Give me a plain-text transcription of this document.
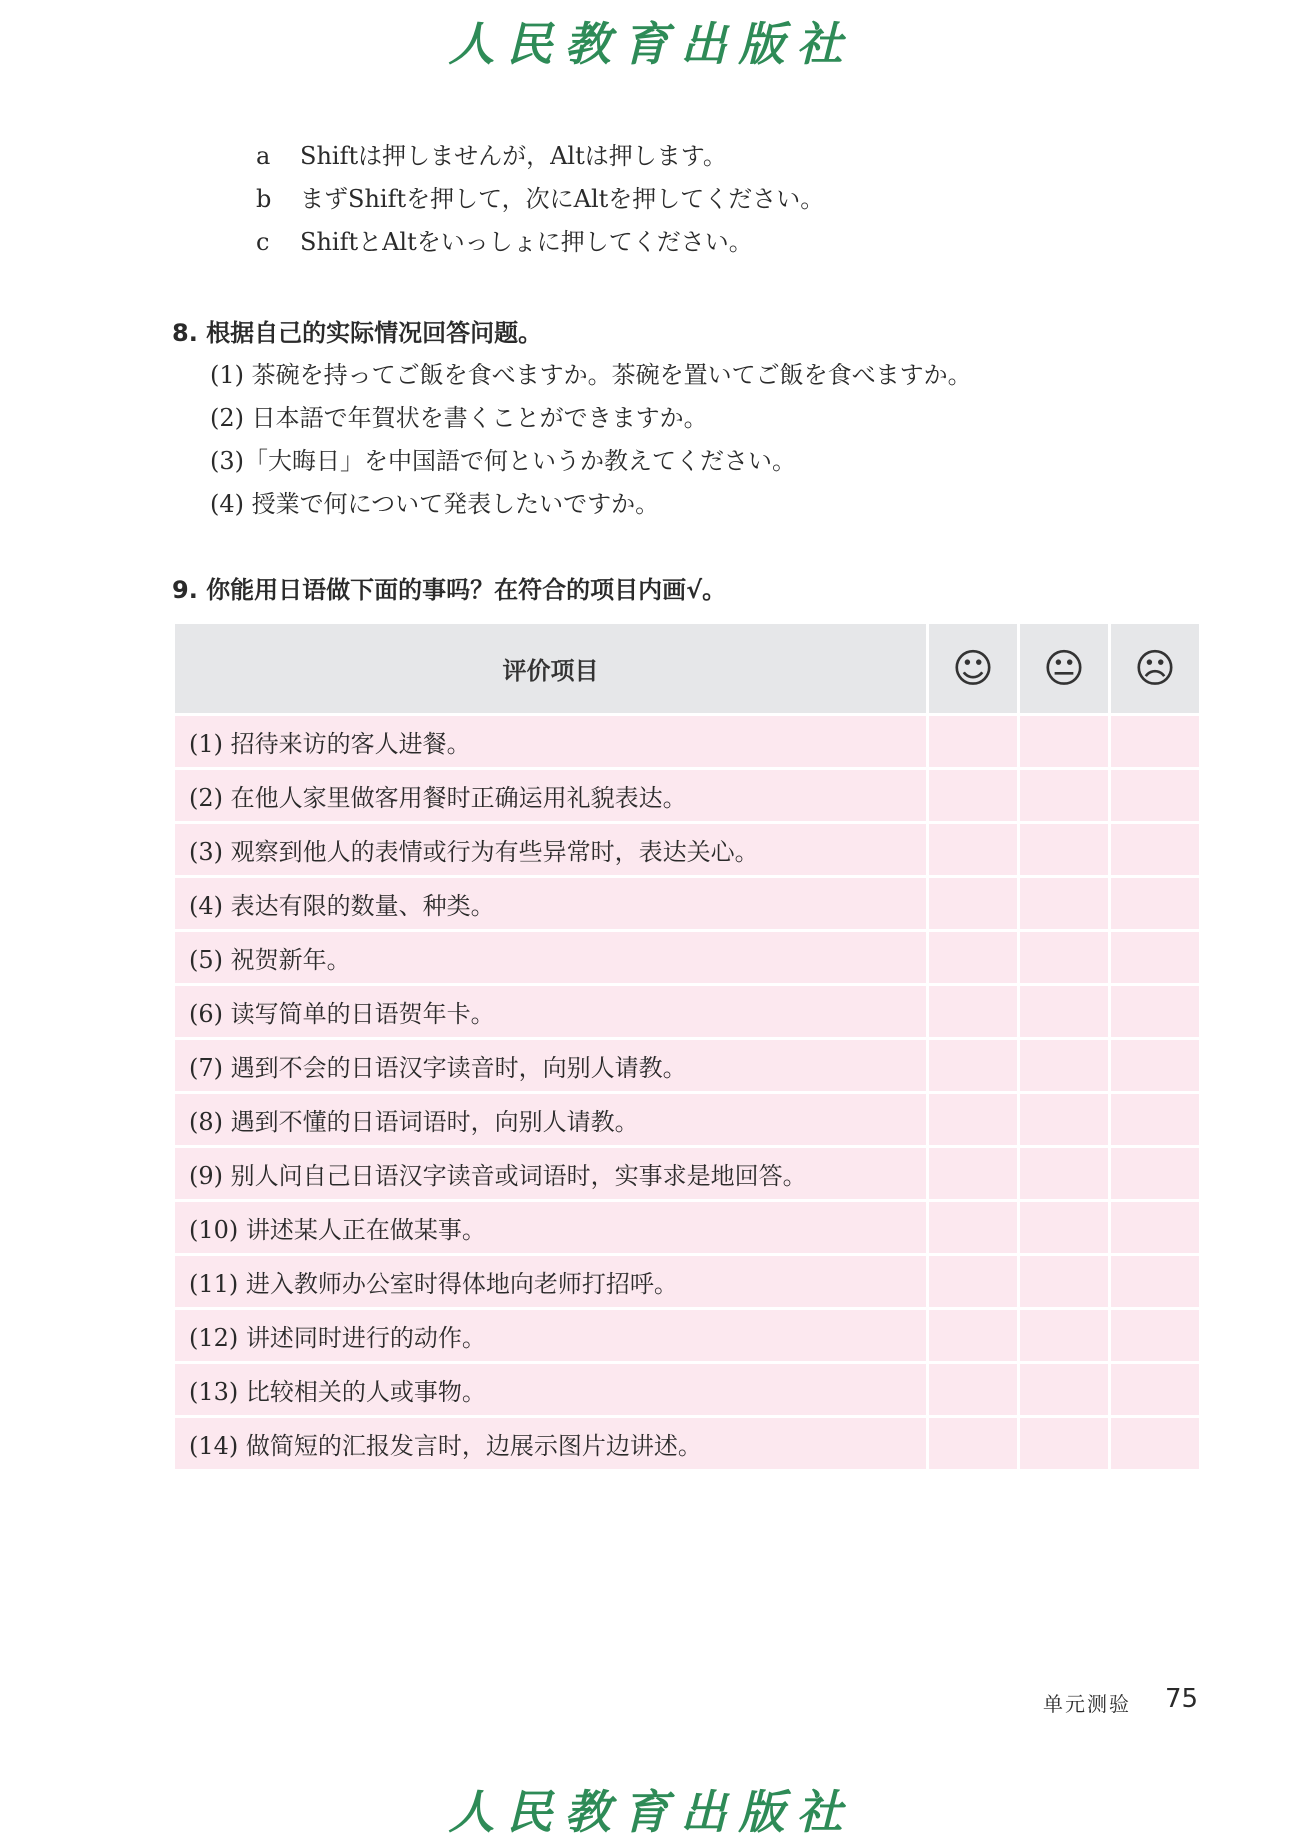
人民教育出版社
a Shiftは押しませんが，Altは押します。
b まずShiftを押して，次にAltを押してください。
c ShiftとAltをいっしょに押してください。
8. 根据自己的实际情况回答问题。
(1) 茶碗を持ってご飯を食べますか。茶碗を置いてご飯を食べますか。
(2) 日本語で年賀状を書くことができますか。
(3)「大晦日」を中国語で何というか教えてください。
(4) 授業で何について発表したいですか。
9. 你能用日语做下面的事吗？在符合的项目内画√。
评价项目	☺	😐	☹
(1) 招待来访的客人进餐。			
(2) 在他人家里做客用餐时正确运用礼貌表达。			
(3) 观察到他人的表情或行为有些异常时，表达关心。			
(4) 表达有限的数量、种类。			
(5) 祝贺新年。			
(6) 读写简单的日语贺年卡。			
(7) 遇到不会的日语汉字读音时，向别人请教。			
(8) 遇到不懂的日语词语时，向别人请教。			
(9) 别人问自己日语汉字读音或词语时，实事求是地回答。			
(10) 讲述某人正在做某事。			
(11) 进入教师办公室时得体地向老师打招呼。			
(12) 讲述同时进行的动作。			
(13) 比较相关的人或事物。			
(14) 做简短的汇报发言时，边展示图片边讲述。			
单元测验 75
人民教育出版社
